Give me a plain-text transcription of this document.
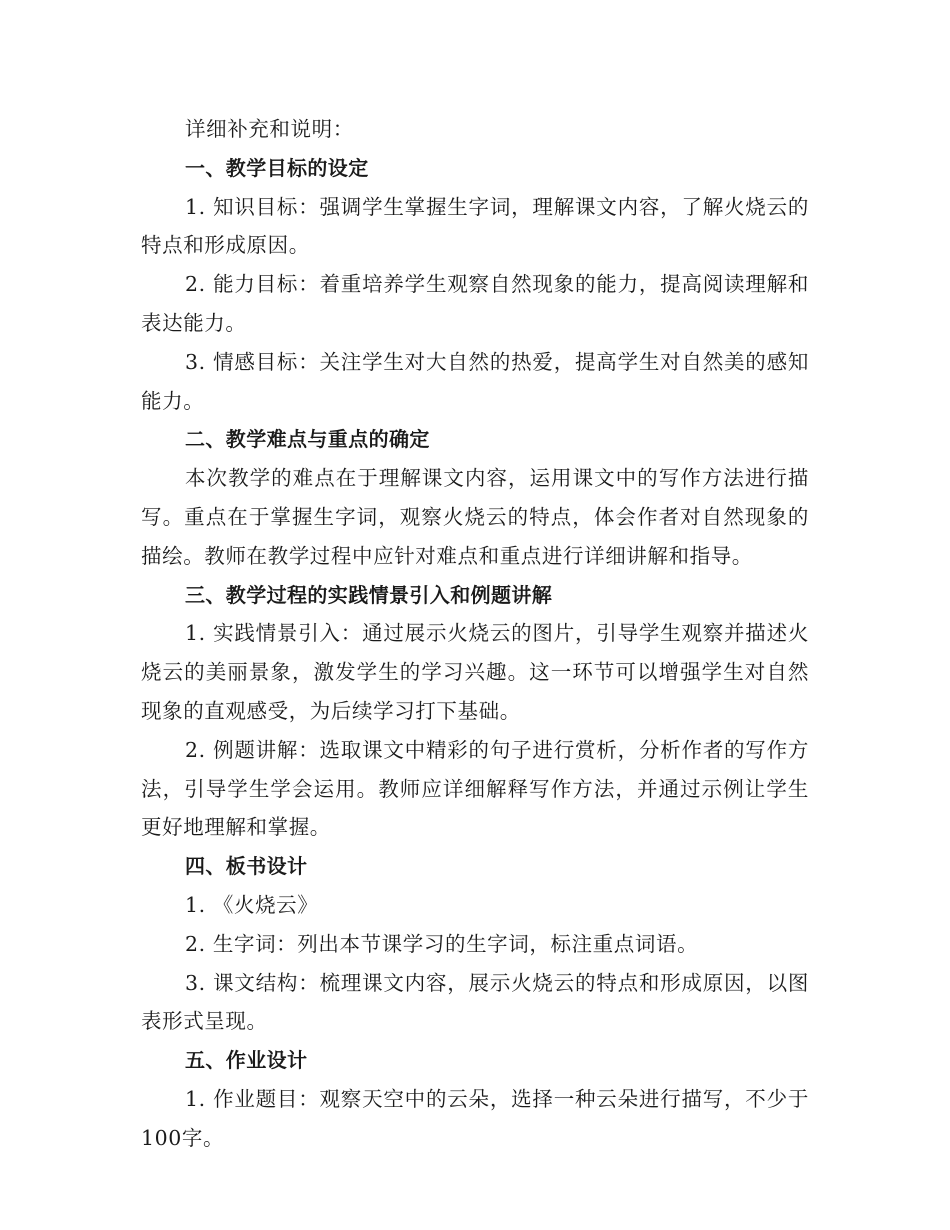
详细补充和说明：

一、教学目标的设定

1. 知识目标：强调学生掌握生字词，理解课文内容，了解火烧云的特点和形成原因。

2. 能力目标：着重培养学生观察自然现象的能力，提高阅读理解和表达能力。

3. 情感目标：关注学生对大自然的热爱，提高学生对自然美的感知能力。

二、教学难点与重点的确定

本次教学的难点在于理解课文内容，运用课文中的写作方法进行描写。重点在于掌握生字词，观察火烧云的特点，体会作者对自然现象的描绘。教师在教学过程中应针对难点和重点进行详细讲解和指导。

三、教学过程的实践情景引入和例题讲解

1. 实践情景引入：通过展示火烧云的图片，引导学生观察并描述火烧云的美丽景象，激发学生的学习兴趣。这一环节可以增强学生对自然现象的直观感受，为后续学习打下基础。

2. 例题讲解：选取课文中精彩的句子进行赏析，分析作者的写作方法，引导学生学会运用。教师应详细解释写作方法，并通过示例让学生更好地理解和掌握。

四、板书设计

1. 《火烧云》

2. 生字词：列出本节课学习的生字词，标注重点词语。

3. 课文结构：梳理课文内容，展示火烧云的特点和形成原因，以图表形式呈现。

五、作业设计

1. 作业题目：观察天空中的云朵，选择一种云朵进行描写，不少于100字。
